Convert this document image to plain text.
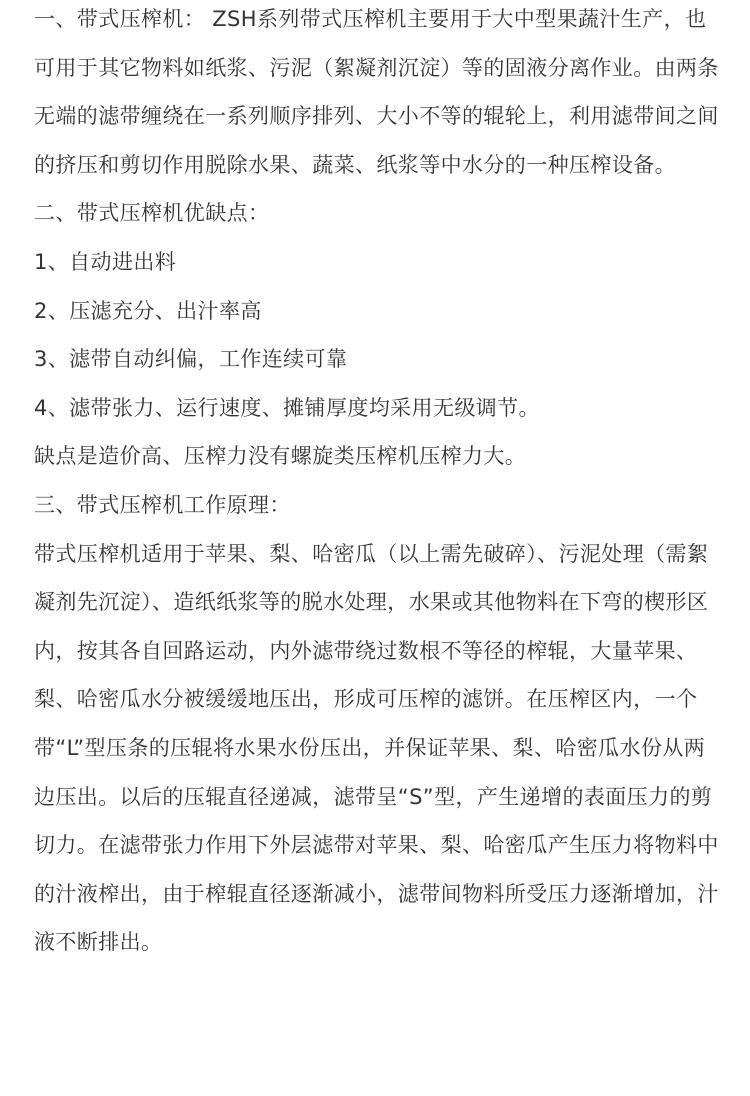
一、带式压榨机： ZSH系列带式压榨机主要用于大中型果蔬汁生产，也可用于其它物料如纸浆、污泥（絮凝剂沉淀）等的固液分离作业。由两条无端的滤带缠绕在一系列顺序排列、大小不等的辊轮上，利用滤带间之间的挤压和剪切作用脱除水果、蔬菜、纸浆等中水分的一种压榨设备。

二、带式压榨机优缺点：

1、自动进出料

2、压滤充分、出汁率高

3、滤带自动纠偏，工作连续可靠

4、滤带张力、运行速度、摊铺厚度均采用无级调节。

缺点是造价高、压榨力没有螺旋类压榨机压榨力大。

三、带式压榨机工作原理：

带式压榨机适用于苹果、梨、哈密瓜（以上需先破碎）、污泥处理（需絮凝剂先沉淀）、造纸纸浆等的脱水处理，水果或其他物料在下弯的楔形区内，按其各自回路运动，内外滤带绕过数根不等径的榨辊，大量苹果、梨、哈密瓜水分被缓缓地压出，形成可压榨的滤饼。在压榨区内，一个带“L”型压条的压辊将水果水份压出，并保证苹果、梨、哈密瓜水份从两边压出。以后的压辊直径递减，滤带呈“S”型，产生递增的表面压力的剪切力。在滤带张力作用下外层滤带对苹果、梨、哈密瓜产生压力将物料中的汁液榨出，由于榨辊直径逐渐减小，滤带间物料所受压力逐渐增加，汁液不断排出。
